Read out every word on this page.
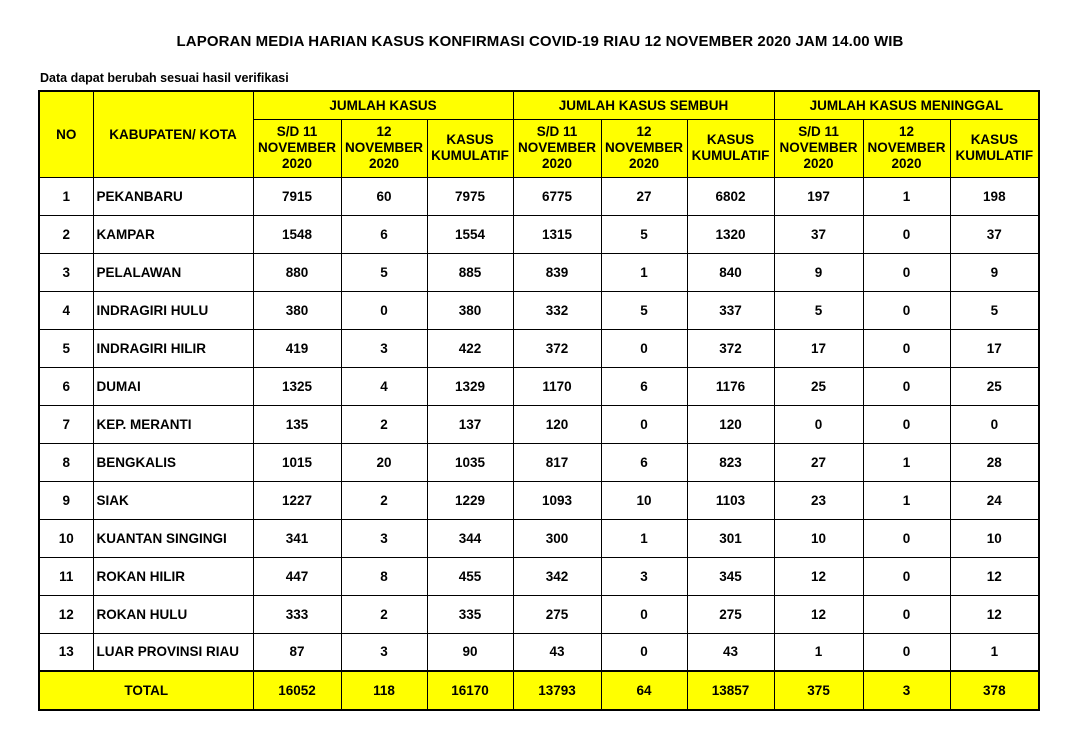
LAPORAN MEDIA HARIAN KASUS KONFIRMASI COVID-19 RIAU 12 NOVEMBER 2020 JAM 14.00 WIB
Data dapat berubah sesuai hasil verifikasi
NO	KABUPATEN/ KOTA	JUMLAH KASUS			JUMLAH KASUS SEMBUH			JUMLAH KASUS MENINGGAL		
		S/D 11
NOVEMBER
2020	12
NOVEMBER
2020	KASUS
KUMULATIF	S/D 11
NOVEMBER
2020	12
NOVEMBER
2020	KASUS
KUMULATIF	S/D 11
NOVEMBER
2020	12
NOVEMBER
2020	KASUS
KUMULATIF
1	PEKANBARU	7915	60	7975	6775	27	6802	197	1	198
2	KAMPAR	1548	6	1554	1315	5	1320	37	0	37
3	PELALAWAN	880	5	885	839	1	840	9	0	9
4	INDRAGIRI HULU	380	0	380	332	5	337	5	0	5
5	INDRAGIRI HILIR	419	3	422	372	0	372	17	0	17
6	DUMAI	1325	4	1329	1170	6	1176	25	0	25
7	KEP. MERANTI	135	2	137	120	0	120	0	0	0
8	BENGKALIS	1015	20	1035	817	6	823	27	1	28
9	SIAK	1227	2	1229	1093	10	1103	23	1	24
10	KUANTAN SINGINGI	341	3	344	300	1	301	10	0	10
11	ROKAN HILIR	447	8	455	342	3	345	12	0	12
12	ROKAN HULU	333	2	335	275	0	275	12	0	12
13	LUAR PROVINSI RIAU	87	3	90	43	0	43	1	0	1
TOTAL		16052	118	16170	13793	64	13857	375	3	378
